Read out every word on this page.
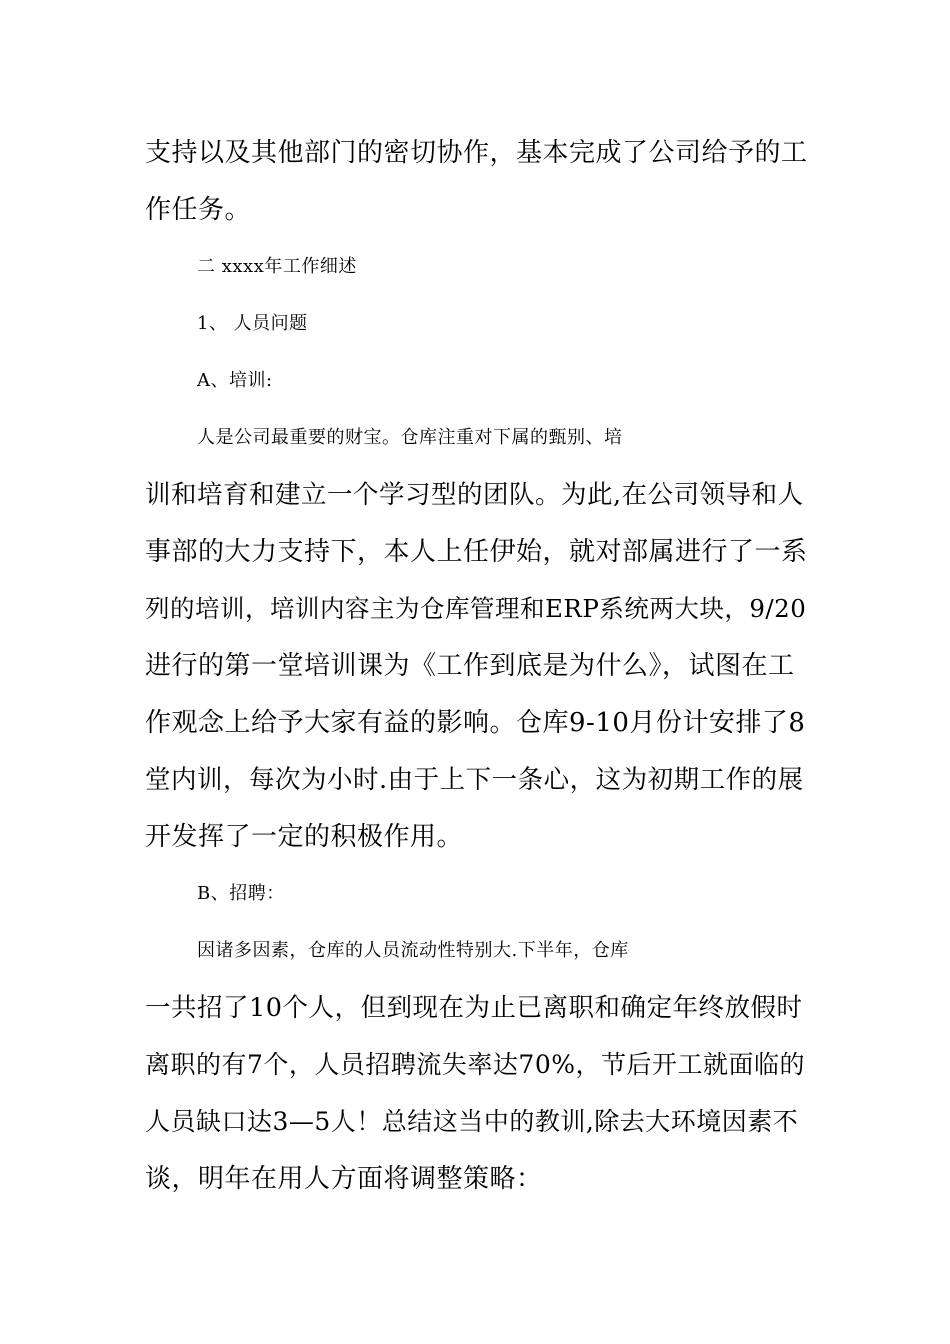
支持以及其他部门的密切协作，基本完成了公司给予的工
作任务。
二 xxxx年工作细述
1、 人员问题
A、培训:
人是公司最重要的财宝。仓库注重对下属的甄别、培
训和培育和建立一个学习型的团队。为此,在公司领导和人
事部的大力支持下，本人上任伊始，就对部属进行了一系
列的培训，培训内容主为仓库管理和ERP系统两大块，9/20
进行的第一堂培训课为《工作到底是为什么》，试图在工
作观念上给予大家有益的影响。仓库9-10月份计安排了8
堂内训，每次为小时.由于上下一条心，这为初期工作的展
开发挥了一定的积极作用。
B、招聘：
因诸多因素，仓库的人员流动性特别大.下半年，仓库
一共招了10个人，但到现在为止已离职和确定年终放假时
离职的有7个，人员招聘流失率达70%，节后开工就面临的
人员缺口达3—5人！总结这当中的教训,除去大环境因素不
谈，明年在用人方面将调整策略：
